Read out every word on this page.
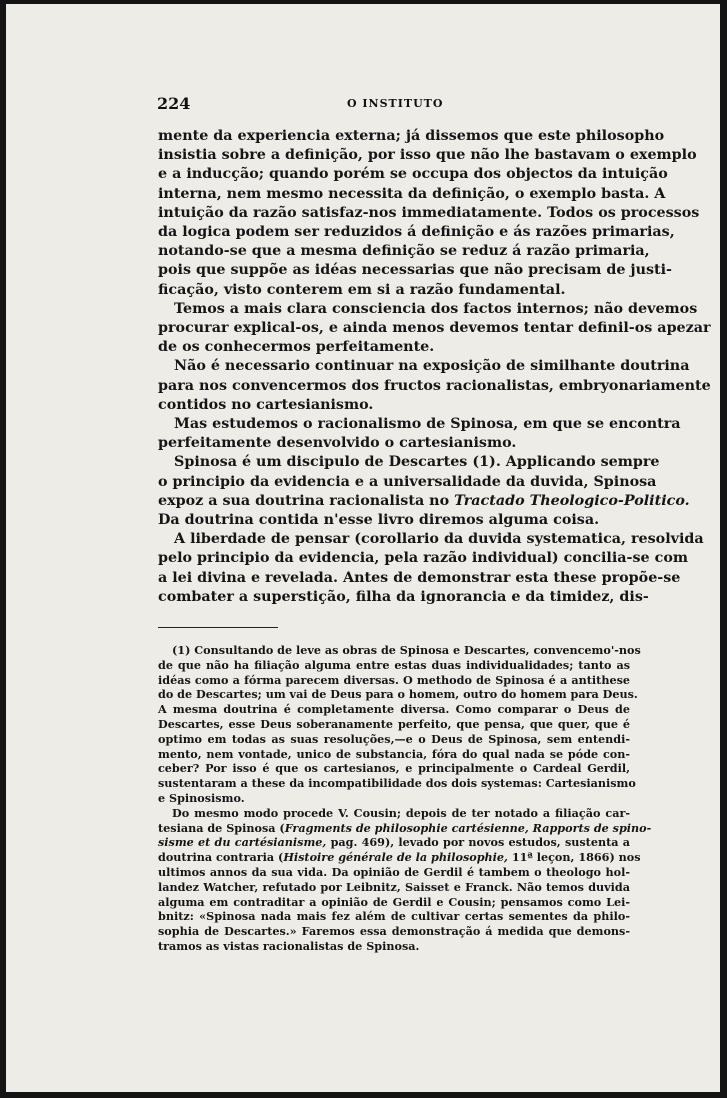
224	O INSTITUTO
mente da experiencia externa; já dissemos que este philosopho
insistia sobre a definição, por isso que não lhe bastavam o exemplo
e a inducção; quando porém se occupa dos objectos da intuição
interna, nem mesmo necessita da definição, o exemplo basta. A
intuição da razão satisfaz-nos immediatamente. Todos os processos
da logica podem ser reduzidos á definição e ás razões primarias,
notando-se que a mesma definição se reduz á razão primaria,
pois que suppõe as idéas necessarias que não precisam de justi-
ficação, visto conterem em si a razão fundamental.
Temos a mais clara consciencia dos factos internos; não devemos
procurar explical-os, e ainda menos devemos tentar definil-os apezar
de os conhecermos perfeitamente.
Não é necessario continuar na exposição de similhante doutrina
para nos convencermos dos fructos racionalistas, embryonariamente
contidos no cartesianismo.
Mas estudemos o racionalismo de Spinosa, em que se encontra
perfeitamente desenvolvido o cartesianismo.
Spinosa é um discipulo de Descartes (1). Applicando sempre
o principio da evidencia e a universalidade da duvida, Spinosa
expoz a sua doutrina racionalista no Tractado Theologico-Politico.
Da doutrina contida n'esse livro diremos alguma coisa.
A liberdade de pensar (corollario da duvida systematica, resolvida
pelo principio da evidencia, pela razão individual) concilia-se com
a lei divina e revelada. Antes de demonstrar esta these propõe-se
combater a superstição, filha da ignorancia e da timidez, dis-
(1) Consultando de leve as obras de Spinosa e Descartes, convencemo'-nos
de que não ha filiação alguma entre estas duas individualidades; tanto as
idéas como a fórma parecem diversas. O methodo de Spinosa é a antithese
do de Descartes; um vai de Deus para o homem, outro do homem para Deus.
A mesma doutrina é completamente diversa. Como comparar o Deus de
Descartes, esse Deus soberanamente perfeito, que pensa, que quer, que é
optimo em todas as suas resoluções,—e o Deus de Spinosa, sem entendi-
mento, nem vontade, unico de substancia, fóra do qual nada se póde con-
ceber? Por isso é que os cartesianos, e principalmente o Cardeal Gerdil,
sustentaram a these da incompatibilidade dos dois systemas: Cartesianismo
e Spinosismo.
Do mesmo modo procede V. Cousin; depois de ter notado a filiação car-
tesiana de Spinosa (Fragments de philosophie cartésienne, Rapports de spino-
sisme et du cartésianisme, pag. 469), levado por novos estudos, sustenta a
doutrina contraria (Histoire générale de la philosophie, 11ª leçon, 1866) nos
ultimos annos da sua vida. Da opinião de Gerdil é tambem o theologo hol-
landez Watcher, refutado por Leibnitz, Saisset e Franck. Não temos duvida
alguma em contraditar a opinião de Gerdil e Cousin; pensamos como Lei-
bnitz: «Spinosa nada mais fez além de cultivar certas sementes da philo-
sophia de Descartes.» Faremos essa demonstração á medida que demons-
tramos as vistas racionalistas de Spinosa.
